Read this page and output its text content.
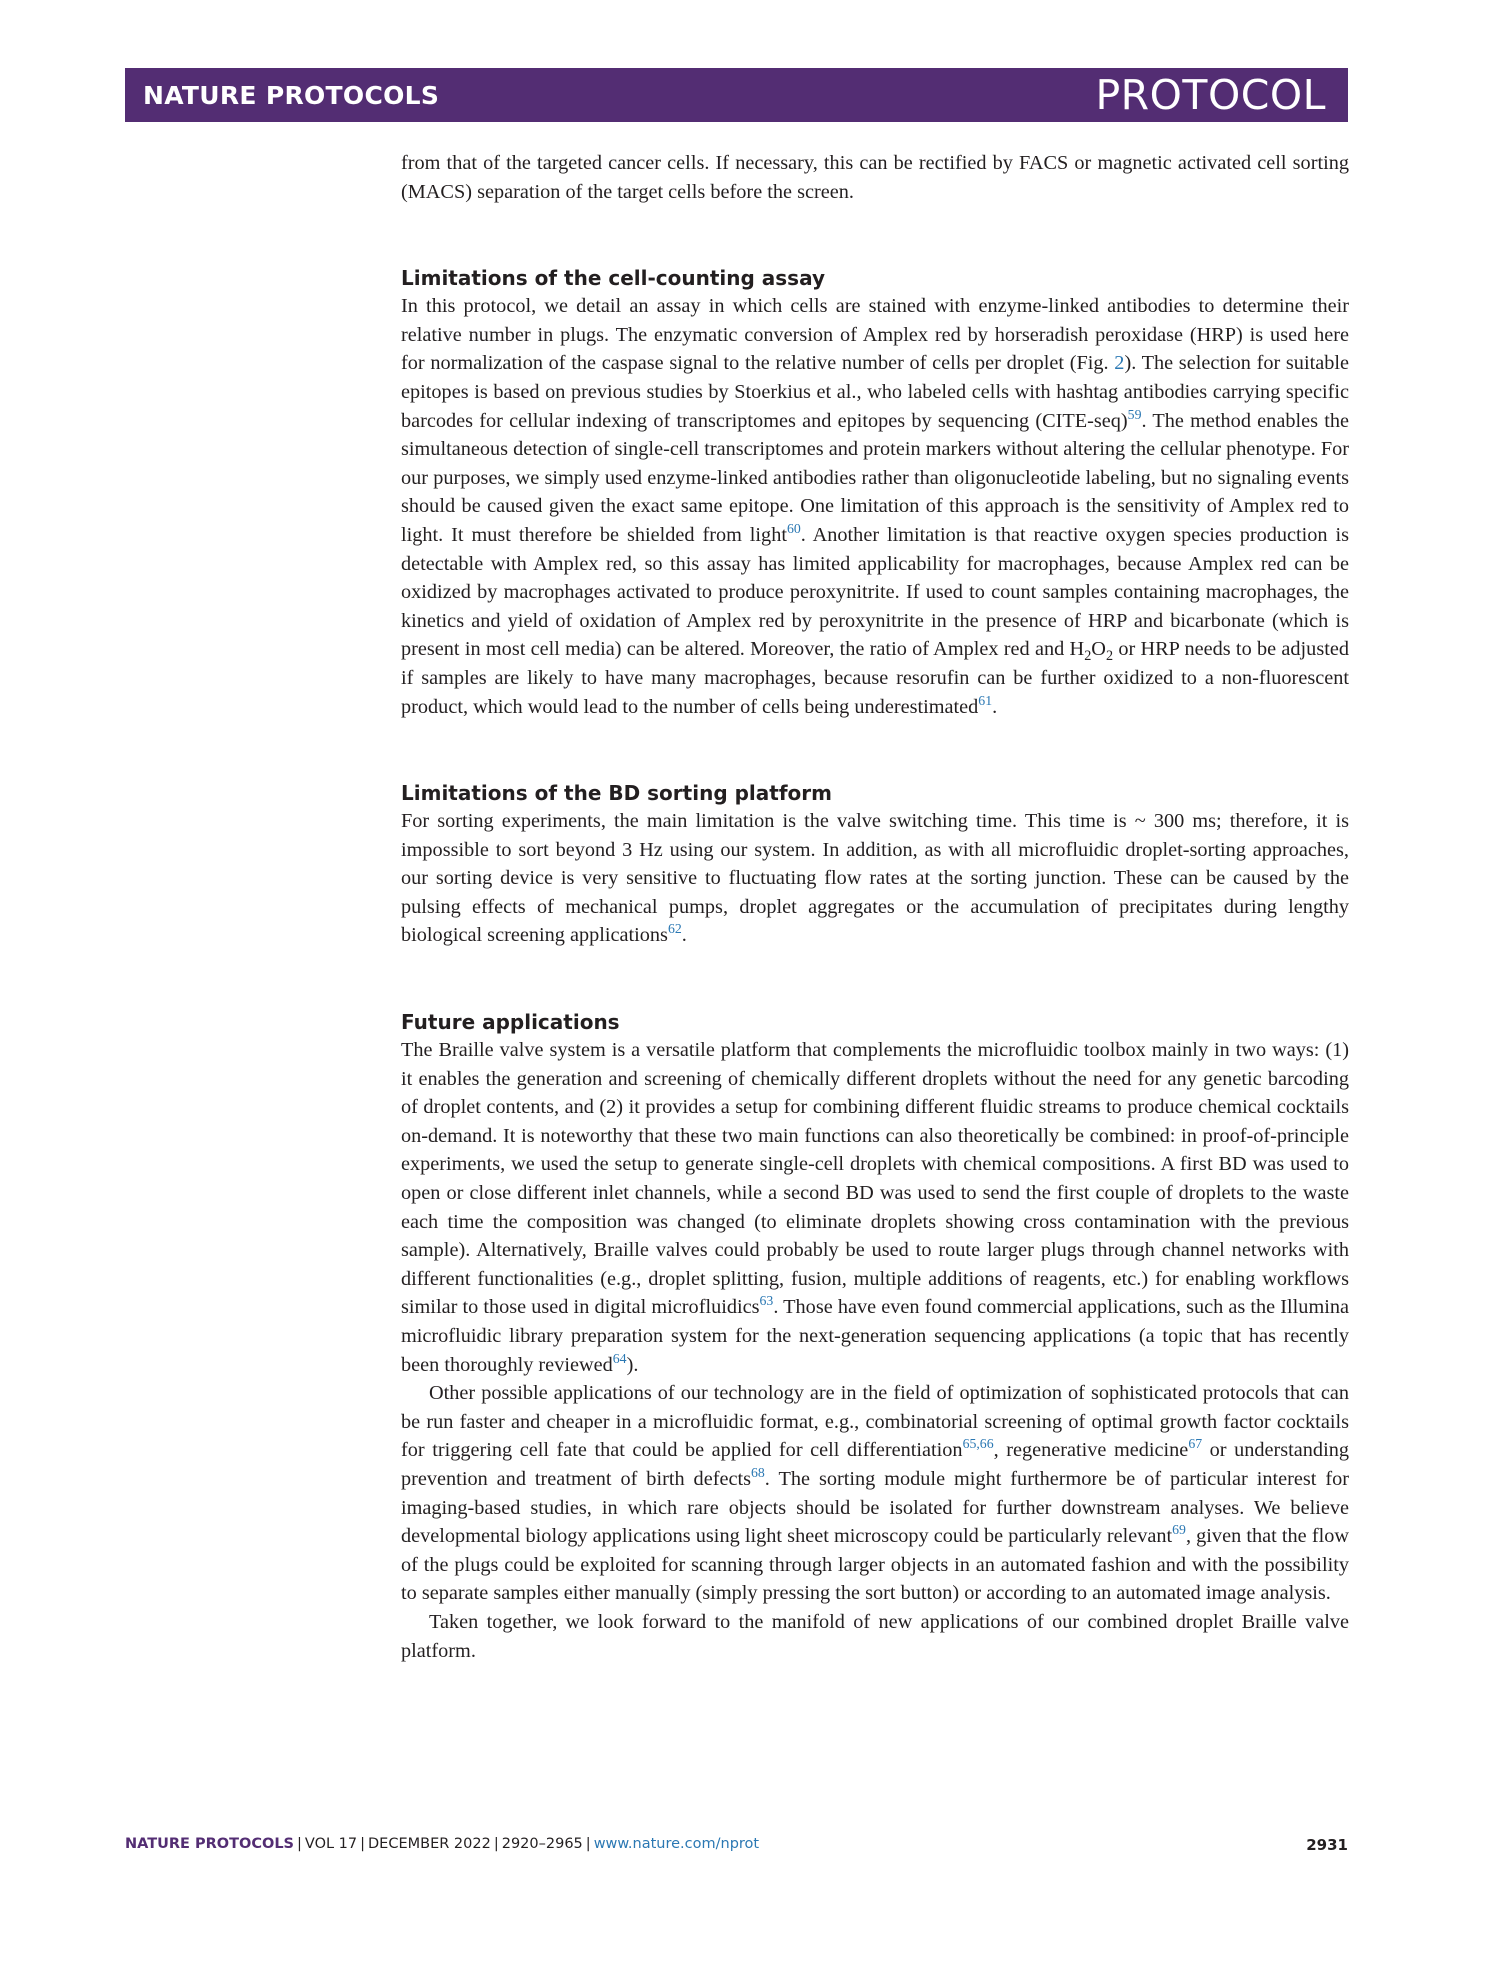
NATURE PROTOCOLS	PROTOCOL

from that of the targeted cancer cells. If necessary, this can be rectified by FACS or magnetic activated cell sorting (MACS) separation of the target cells before the screen.

Limitations of the cell-counting assay

In this protocol, we detail an assay in which cells are stained with enzyme-linked antibodies to determine their relative number in plugs. The enzymatic conversion of Amplex red by horseradish peroxidase (HRP) is used here for normalization of the caspase signal to the relative number of cells per droplet (Fig. 2). The selection for suitable epitopes is based on previous studies by Stoerkius et al., who labeled cells with hashtag antibodies carrying specific barcodes for cellular indexing of transcriptomes and epitopes by sequencing (CITE-seq)$^{59}$. The method enables the simultaneous detection of single-cell transcriptomes and protein markers without altering the cellular phenotype. For our purposes, we simply used enzyme-linked antibodies rather than oligonucleotide labeling, but no signaling events should be caused given the exact same epitope. One limitation of this approach is the sensitivity of Amplex red to light. It must therefore be shielded from light$^{60}$. Another limitation is that reactive oxygen species production is detectable with Amplex red, so this assay has limited applicability for macrophages, because Amplex red can be oxidized by macrophages activated to produce peroxynitrite. If used to count samples containing macrophages, the kinetics and yield of oxidation of Amplex red by peroxynitrite in the presence of HRP and bicarbonate (which is present in most cell media) can be altered. Moreover, the ratio of Amplex red and $H_2O_2$ or HRP needs to be adjusted if samples are likely to have many macrophages, because resorufin can be further oxidized to a non-fluorescent product, which would lead to the number of cells being underestimated$^{61}$.

Limitations of the BD sorting platform

For sorting experiments, the main limitation is the valve switching time. This time is ~ 300 ms; therefore, it is impossible to sort beyond 3 Hz using our system. In addition, as with all microfluidic droplet-sorting approaches, our sorting device is very sensitive to fluctuating flow rates at the sorting junction. These can be caused by the pulsing effects of mechanical pumps, droplet aggregates or the accumulation of precipitates during lengthy biological screening applications$^{62}$.

Future applications

The Braille valve system is a versatile platform that complements the microfluidic toolbox mainly in two ways: (1) it enables the generation and screening of chemically different droplets without the need for any genetic barcoding of droplet contents, and (2) it provides a setup for combining different fluidic streams to produce chemical cocktails on-demand. It is noteworthy that these two main functions can also theoretically be combined: in proof-of-principle experiments, we used the setup to generate single-cell droplets with chemical compositions. A first BD was used to open or close different inlet channels, while a second BD was used to send the first couple of droplets to the waste each time the composition was changed (to eliminate droplets showing cross contamination with the previous sample). Alternatively, Braille valves could probably be used to route larger plugs through channel networks with different functionalities (e.g., droplet splitting, fusion, multiple additions of reagents, etc.) for enabling workflows similar to those used in digital microfluidics$^{63}$. Those have even found commercial applications, such as the Illumina microfluidic library preparation system for the next-generation sequencing applications (a topic that has recently been thoroughly reviewed$^{64}$).

Other possible applications of our technology are in the field of optimization of sophisticated protocols that can be run faster and cheaper in a microfluidic format, e.g., combinatorial screening of optimal growth factor cocktails for triggering cell fate that could be applied for cell differentiation$^{65,66}$, regenerative medicine$^{67}$ or understanding prevention and treatment of birth defects$^{68}$. The sorting module might furthermore be of particular interest for imaging-based studies, in which rare objects should be isolated for further downstream analyses. We believe developmental biology applications using light sheet microscopy could be particularly relevant$^{69}$, given that the flow of the plugs could be exploited for scanning through larger objects in an automated fashion and with the possibility to separate samples either manually (simply pressing the sort button) or according to an automated image analysis.

Taken together, we look forward to the manifold of new applications of our combined droplet Braille valve platform.

NATURE PROTOCOLS | VOL 17 | DECEMBER 2022 | 2920–2965 | www.nature.com/nprot	2931
